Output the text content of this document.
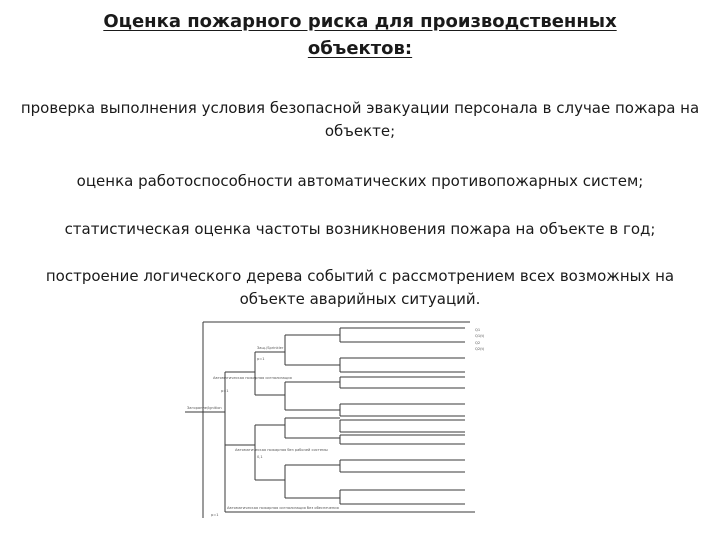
Оценка пожарного риска для производственных
объектов:
проверка выполнения условия безопасной эвакуации персонала в случае пожара на объекте;
оценка работоспособности автоматических противопожарных систем;
статистическая оценка частоты возникновения пожара на объекте в год;
построение логического дерева событий с рассмотрением всех возможных на объекте аварийных ситуаций.
Загорание/Ignition
p=1
Автоматическая пожарная сигнализация без обеспечения
Автоматическая пожарная сигнализация
p=1
Автоматическая пожарная без рабочей системы
0,1
Защ./Sprinkler
p=1
Q1
Q1(t)
Q2
Q2(t)
